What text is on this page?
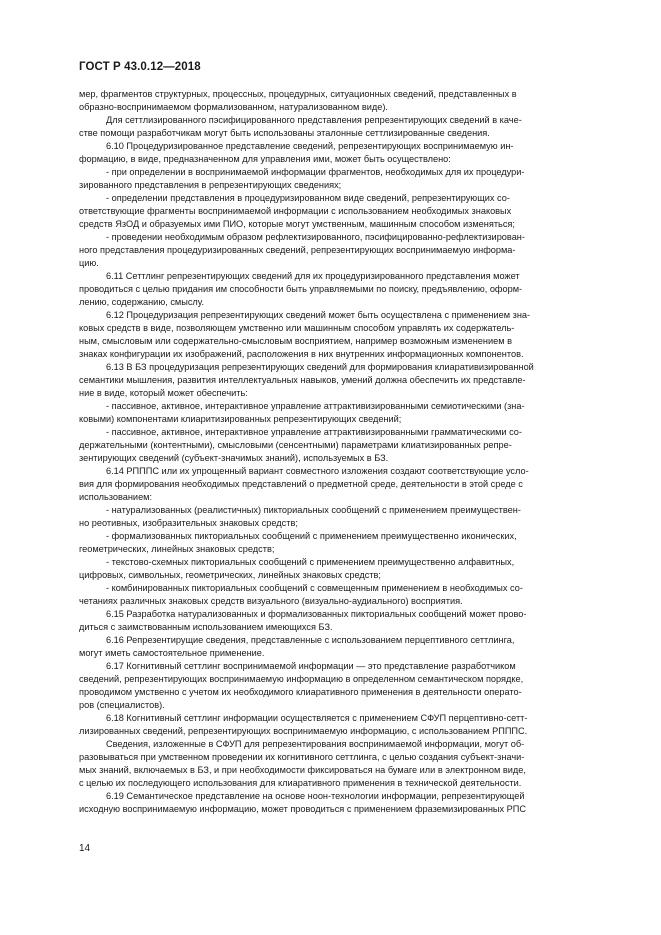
ГОСТ Р 43.0.12—2018
мер, фрагментов структурных, процессных, процедурных, ситуационных сведений, представленных в
образно-воспринимаемом формализованном, натурализованном виде).
Для сеттлизированного пэсифицированного представления репрезентирующих сведений в каче-
стве помощи разработчикам могут быть использованы эталонные сеттлизированные сведения.
6.10 Процедуризированное представление сведений, репрезентирующих воспринимаемую ин-
формацию, в виде, предназначенном для управления ими, может быть осуществлено:
- при определении в воспринимаемой информации фрагментов, необходимых для их процедури-
зированного представления в репрезентирующих сведениях;
- определении представления в процедуризированном виде сведений, репрезентирующих со-
ответствующие фрагменты воспринимаемой информации с использованием необходимых знаковых
средств ЯзОД и образуемых ими ПИО, которые могут умственным, машинным способом изменяться;
- проведении необходимым образом рефлектизированного, пэсифицированно-рефлектизирован-
ного представления процедуризированных сведений, репрезентирующих воспринимаемую информа-
цию.
6.11 Сеттлинг репрезентирующих сведений для их процедуризированного представления может
проводиться с целью придания им способности быть управляемыми по поиску, предъявлению, оформ-
лению, содержанию, смыслу.
6.12 Процедуризация репрезентирующих сведений может быть осуществлена с применением зна-
ковых средств в виде, позволяющем умственно или машинным способом управлять их содержатель-
ным, смысловым или содержательно-смысловым восприятием, например возможным изменением в
знаках конфигурации их изображений, расположения в них внутренних информационных компонентов.
6.13 В БЗ процедуризация репрезентирующих сведений для формирования клиаративизированной
семантики мышления, развития интеллектуальных навыков, умений должна обеспечить их представле-
ние в виде, который может обеспечить:
- пассивное, активное, интерактивное управление аттрактивизированными семиотическими (зна-
ковыми) компонентами клиаритизированных репрезентирующих сведений;
- пассивное, активное, интерактивное управление аттрактивизированными грамматическими со-
держательными (контентными), смысловыми (сенсентными) параметрами клиатизированных репре-
зентирующих сведений (субъект-значимых знаний), используемых в БЗ.
6.14 РПППС или их упрощенный вариант совместного изложения создают соответствующие усло-
вия для формирования необходимых представлений о предметной среде, деятельности в этой среде с
использованием:
- натурализованных (реалистичных) пикториальных сообщений с применением преимуществен-
но реотивных, изобразительных знаковых средств;
- формализованных пикториальных сообщений с применением преимущественно иконических,
геометрических, линейных знаковых средств;
- текстово-схемных пикториальных сообщений с применением преимущественно алфавитных,
цифровых, символьных, геометрических, линейных знаковых средств;
- комбинированных пикториальных сообщений с совмещенным применением в необходимых со-
четаниях различных знаковых средств визуального (визуально-аудиального) восприятия.
6.15 Разработка натурализованных и формализованных пикториальных сообщений может прово-
диться с заимствованным использованием имеющихся БЗ.
6.16 Репрезентирущие сведения, представленные с использованием перцептивного сеттлинга,
могут иметь самостоятельное применение.
6.17 Когнитивный сеттлинг воспринимаемой информации — это представление разработчиком
сведений, репрезентирующих воспринимаемую информацию в определенном семантическом порядке,
проводимом умственно с учетом их необходимого клиаративного применения в деятельности операто-
ров (специалистов).
6.18 Когнитивный сеттлинг информации осуществляется с применением СФУП перцептивно-сетт-
лизированных сведений, репрезентирующих воспринимаемую информацию, с использованием РПППС.
Сведения, изложенные в СФУП для репрезентирования воспринимаемой информации, могут об-
разовываться при умственном проведении их когнитивного сеттлинга, с целью создания субъект-значи-
мых знаний, включаемых в БЗ, и при необходимости фиксироваться на бумаге или в электронном виде,
с целью их последующего использования для клиаративного применения в технической деятельности.
6.19 Семантическое представление на основе ноон-технологии информации, репрезентирующей
исходную воспринимаемую информацию, может проводиться с применением фраземизированных РПС
14
